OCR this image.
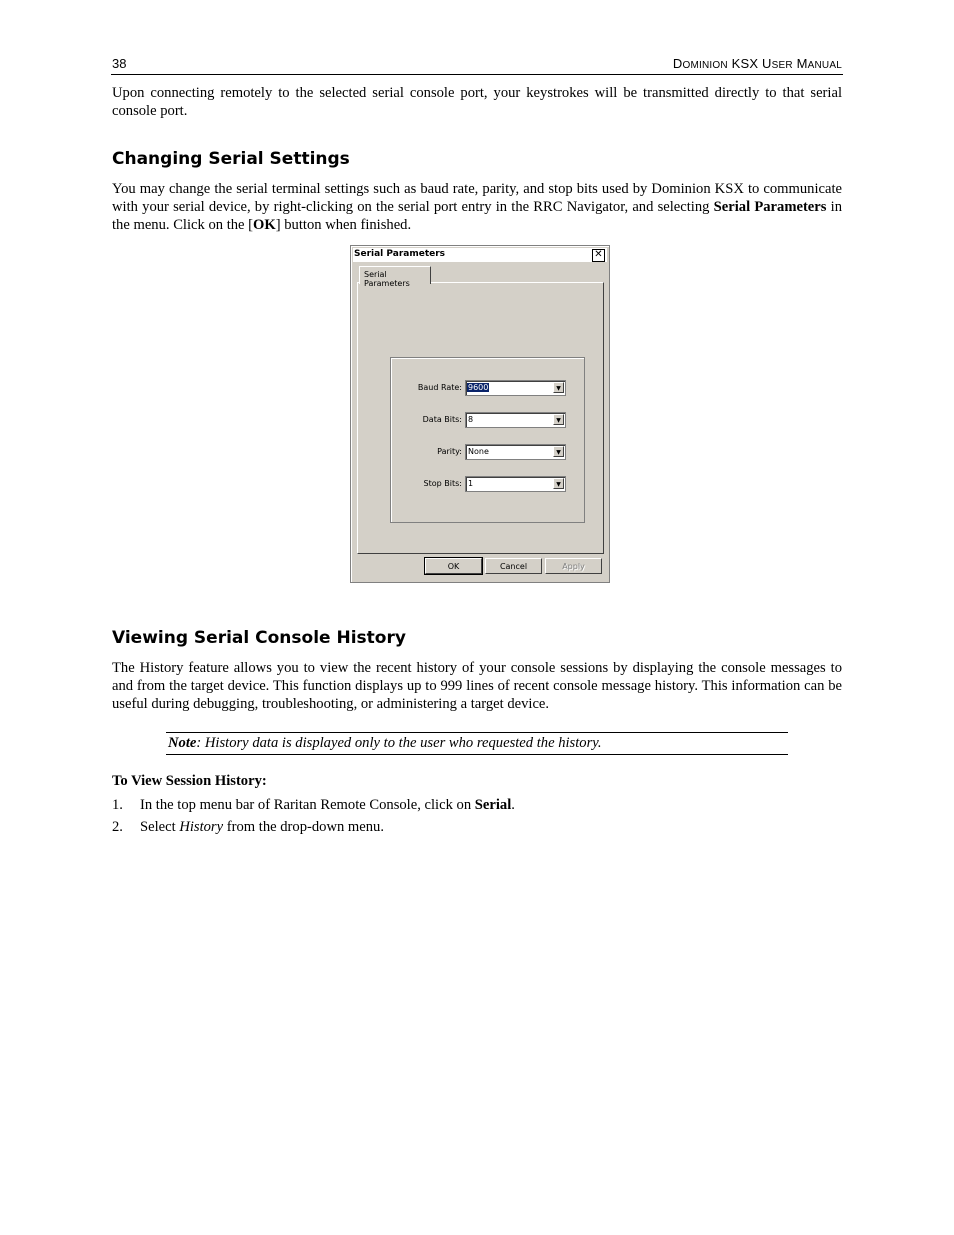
38	DOMINION KSX USER MANUAL

Upon connecting remotely to the selected serial console port, your keystrokes will be transmitted directly to that serial console port.

Changing Serial Settings

You may change the serial terminal settings such as baud rate, parity, and stop bits used by Dominion KSX to communicate with your serial device, by right-clicking on the serial port entry in the RRC Navigator, and selecting Serial Parameters in the menu. Click on the [OK] button when finished.

Serial Parameters	✕
Serial Parameters
Baud Rate: 9600	▼
Data Bits: 8	▼
Parity: None	▼
Stop Bits: 1	▼
OK	Cancel	Apply
Viewing Serial Console History

The History feature allows you to view the recent history of your console sessions by displaying the console messages to and from the target device. This function displays up to 999 lines of recent console message history. This information can be useful during debugging, troubleshooting, or administering a target device.

Note: History data is displayed only to the user who requested the history.

To View Session History:

1. In the top menu bar of Raritan Remote Console, click on Serial.
2. Select History from the drop-down menu.
